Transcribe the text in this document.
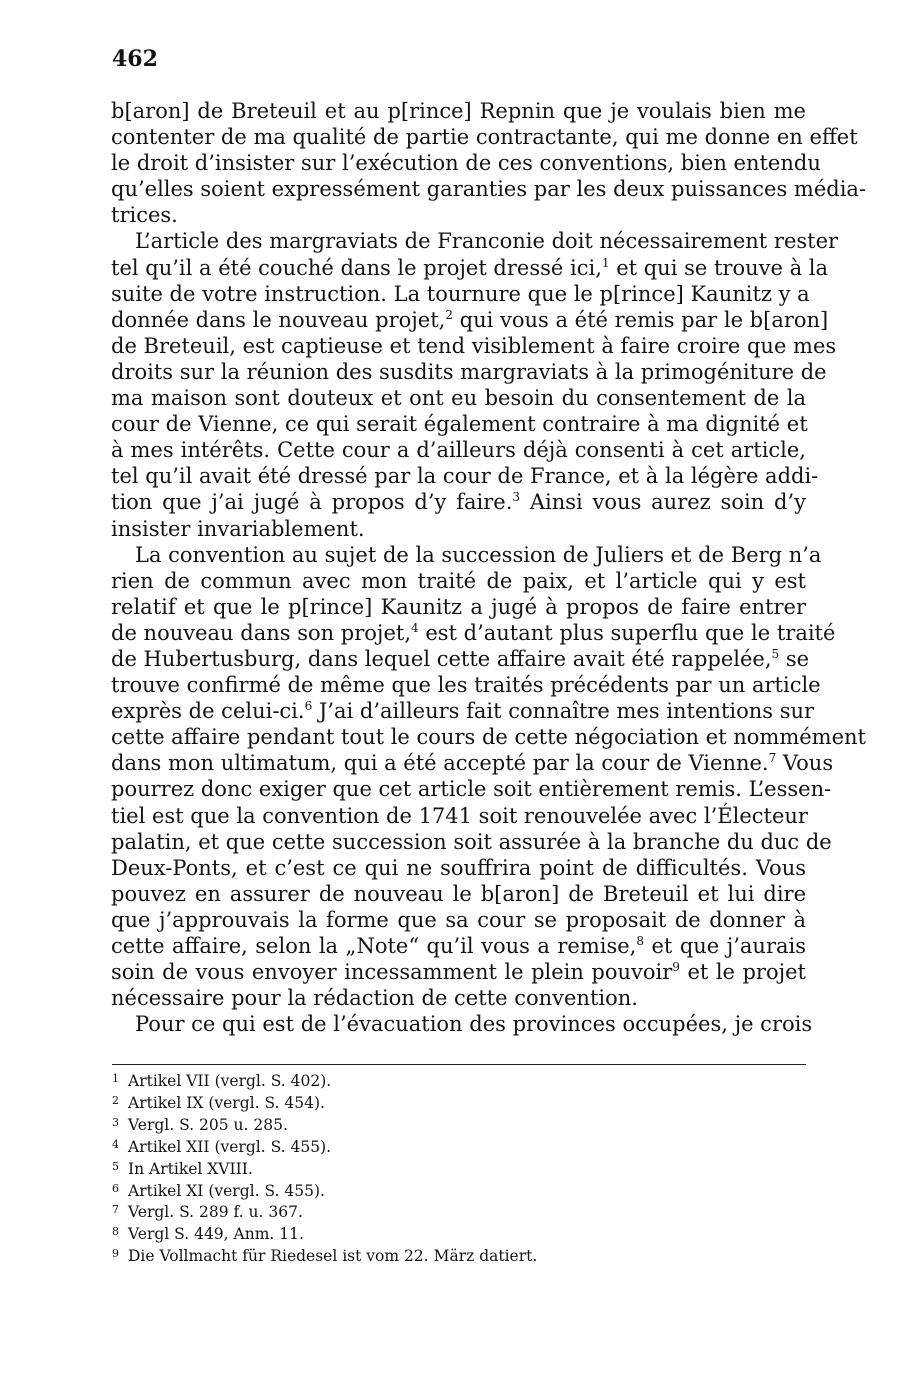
462
b[aron] de Breteuil et au p[rince] Repnin que je voulais bien me
contenter de ma qualité de partie contractante, qui me donne en effet
le droit d’insister sur l’exécution de ces conventions, bien entendu
qu’elles soient expressément garanties par les deux puissances média-
trices.
L’article des margraviats de Franconie doit nécessairement rester
tel qu’il a été couché dans le projet dressé ici,$^1$ et qui se trouve à la
suite de votre instruction. La tournure que le p[rince] Kaunitz y a
donnée dans le nouveau projet,$^2$ qui vous a été remis par le b[aron]
de Breteuil, est captieuse et tend visiblement à faire croire que mes
droits sur la réunion des susdits margraviats à la primogéniture de
ma maison sont douteux et ont eu besoin du consentement de la
cour de Vienne, ce qui serait également contraire à ma dignité et
à mes intérêts. Cette cour a d’ailleurs déjà consenti à cet article,
tel qu’il avait été dressé par la cour de France, et à la légère addi-
tion que j’ai jugé à propos d’y faire.$^3$ Ainsi vous aurez soin d’y
insister invariablement.
La convention au sujet de la succession de Juliers et de Berg n’a
rien de commun avec mon traité de paix, et l’article qui y est
relatif et que le p[rince] Kaunitz a jugé à propos de faire entrer
de nouveau dans son projet,$^4$ est d’autant plus superflu que le traité
de Hubertusburg, dans lequel cette affaire avait été rappelée,$^5$ se
trouve confirmé de même que les traités précédents par un article
exprès de celui-ci.$^6$ J’ai d’ailleurs fait connaître mes intentions sur
cette affaire pendant tout le cours de cette négociation et nommément
dans mon ultimatum, qui a été accepté par la cour de Vienne.$^7$ Vous
pourrez donc exiger que cet article soit entièrement remis. L’essen-
tiel est que la convention de 1741 soit renouvelée avec l’Électeur
palatin, et que cette succession soit assurée à la branche du duc de
Deux-Ponts, et c’est ce qui ne souffrira point de difficultés. Vous
pouvez en assurer de nouveau le b[aron] de Breteuil et lui dire
que j’approuvais la forme que sa cour se proposait de donner à
cette affaire, selon la „Note“ qu’il vous a remise,$^8$ et que j’aurais
soin de vous envoyer incessamment le plein pouvoir$^9$ et le projet
nécessaire pour la rédaction de cette convention.
Pour ce qui est de l’évacuation des provinces occupées, je crois
1 Artikel VII (vergl. S. 402).
2 Artikel IX (vergl. S. 454).
3 Vergl. S. 205 u. 285.
4 Artikel XII (vergl. S. 455).
5 In Artikel XVIII.
6 Artikel XI (vergl. S. 455).
7 Vergl. S. 289 f. u. 367.
8 Vergl S. 449, Anm. 11.
9 Die Vollmacht für Riedesel ist vom 22. März datiert.
